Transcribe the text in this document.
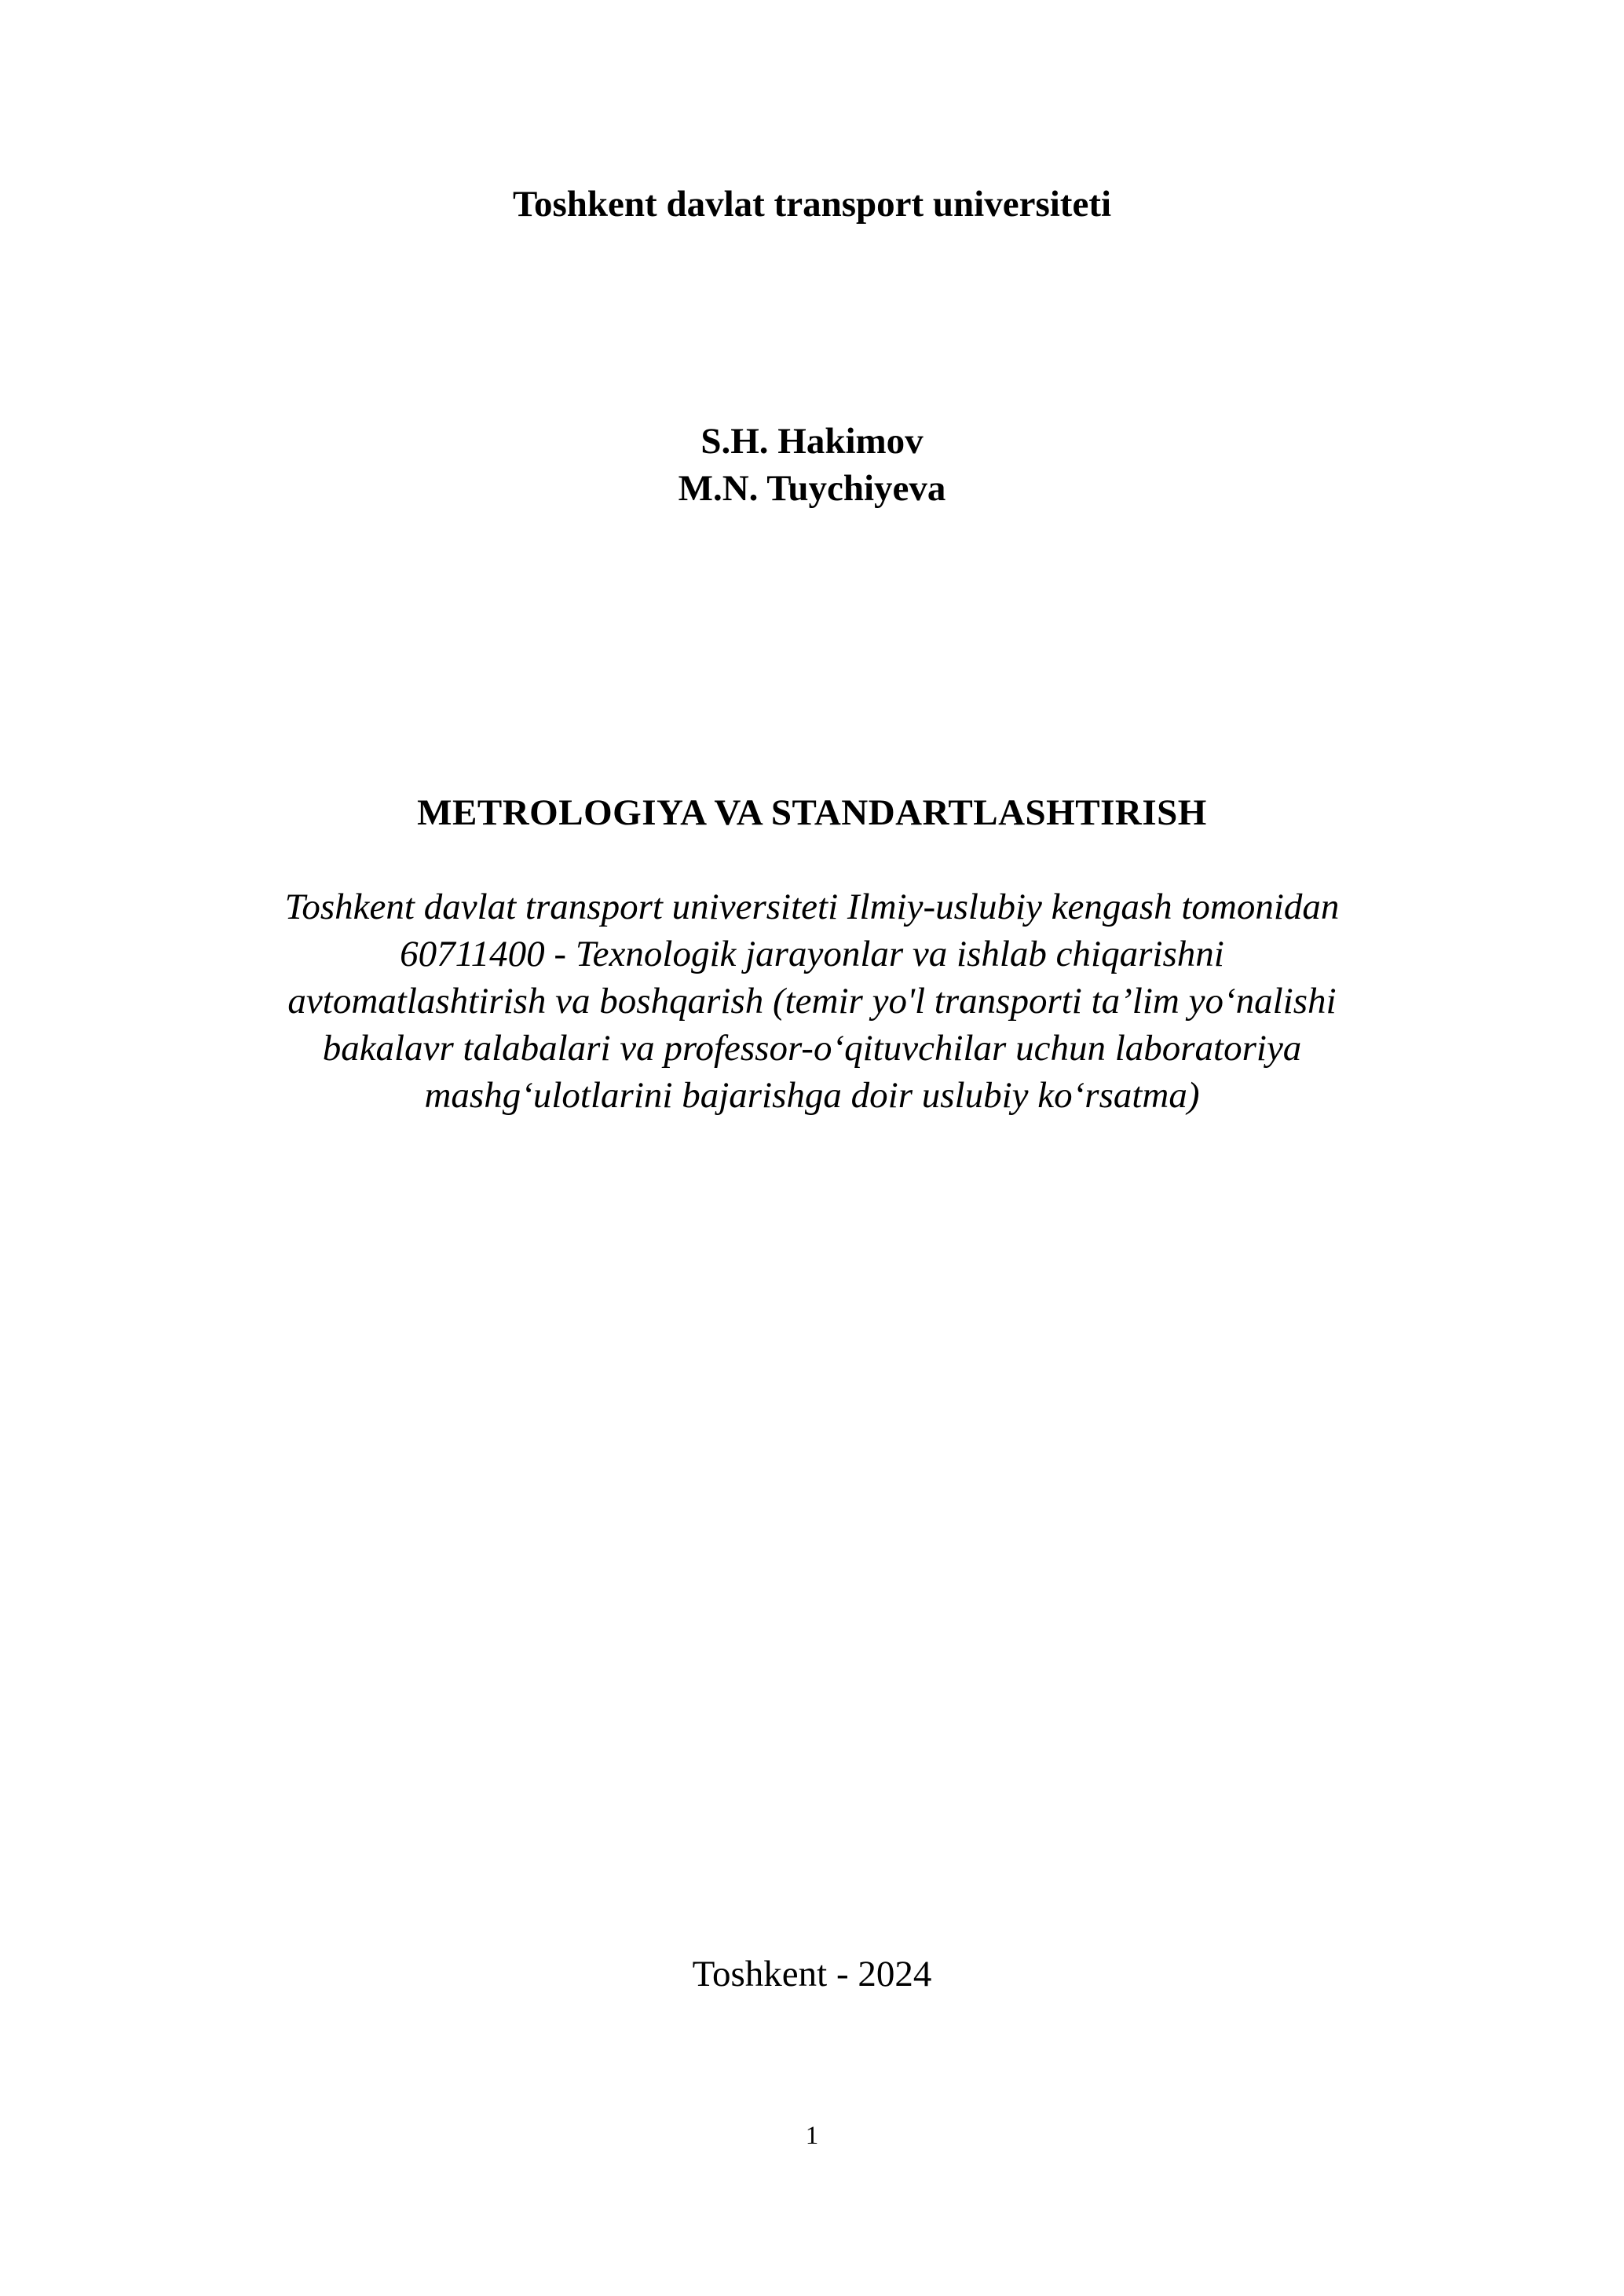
Toshkent davlat transport universiteti
S.H. Hakimov
M.N. Tuychiyeva
METROLOGIYA VA STANDARTLASHTIRISH
Toshkent davlat transport universiteti Ilmiy-uslubiy kengash tomonidan
60711400 - Texnologik jarayonlar va ishlab chiqarishni
avtomatlashtirish va boshqarish (temir yo'l transporti ta’lim yo‘nalishi
bakalavr talabalari va professor-o‘qituvchilar uchun laboratoriya
mashg‘ulotlarini bajarishga doir uslubiy ko‘rsatma)
Toshkent - 2024
1
